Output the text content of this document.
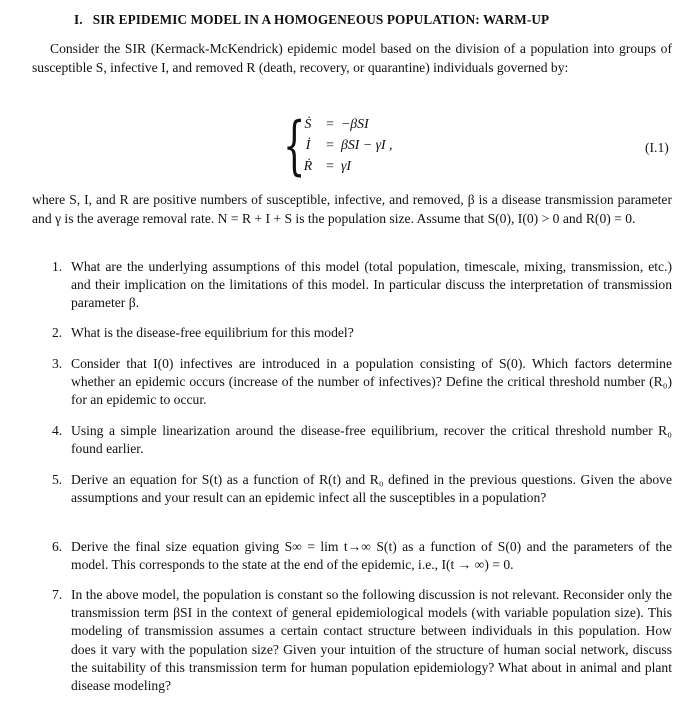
I. SIR EPIDEMIC MODEL IN A HOMOGENEOUS POPULATION: WARM-UP

Consider the SIR (Kermack-McKendrick) epidemic model based on the division of a population into groups of susceptible S, infective I, and removed R (death, recovery, or quarantine) individuals governed by:

{ Ṡ = −βSI
İ = βSI − γI ,
Ṙ = γI
(I.1)

where S, I, and R are positive numbers of susceptible, infective, and removed, β is a disease transmission parameter and γ is the average removal rate. N = R + I + S is the population size. Assume that S(0), I(0) > 0 and R(0) = 0.

1. What are the underlying assumptions of this model (total population, timescale, mixing, transmission, etc.) and their implication on the limitations of this model. In particular discuss the interpretation of transmission parameter β.
2. What is the disease-free equilibrium for this model?
3. Consider that I(0) infectives are introduced in a population consisting of S(0). Which factors determine whether an epidemic occurs (increase of the number of infectives)? Define the critical threshold number (R₀) for an epidemic to occur.
4. Using a simple linearization around the disease-free equilibrium, recover the critical threshold number R₀ found earlier.
5. Derive an equation for S(t) as a function of R(t) and R₀ defined in the previous questions. Given the above assumptions and your result can an epidemic infect all the susceptibles in a population?
6. Derive the final size equation giving S∞ = lim t→∞ S(t) as a function of S(0) and the parameters of the model. This corresponds to the state at the end of the epidemic, i.e., I(t → ∞) = 0.
7. In the above model, the population is constant so the following discussion is not relevant. Reconsider only the transmission term βSI in the context of general epidemiological models (with variable population size). This modeling of transmission assumes a certain contact structure between individuals in this population. How does it vary with the population size? Given your intuition of the structure of human social network, discuss the suitability of this transmission term for human population epidemiology? What about in animal and plant disease modeling?
